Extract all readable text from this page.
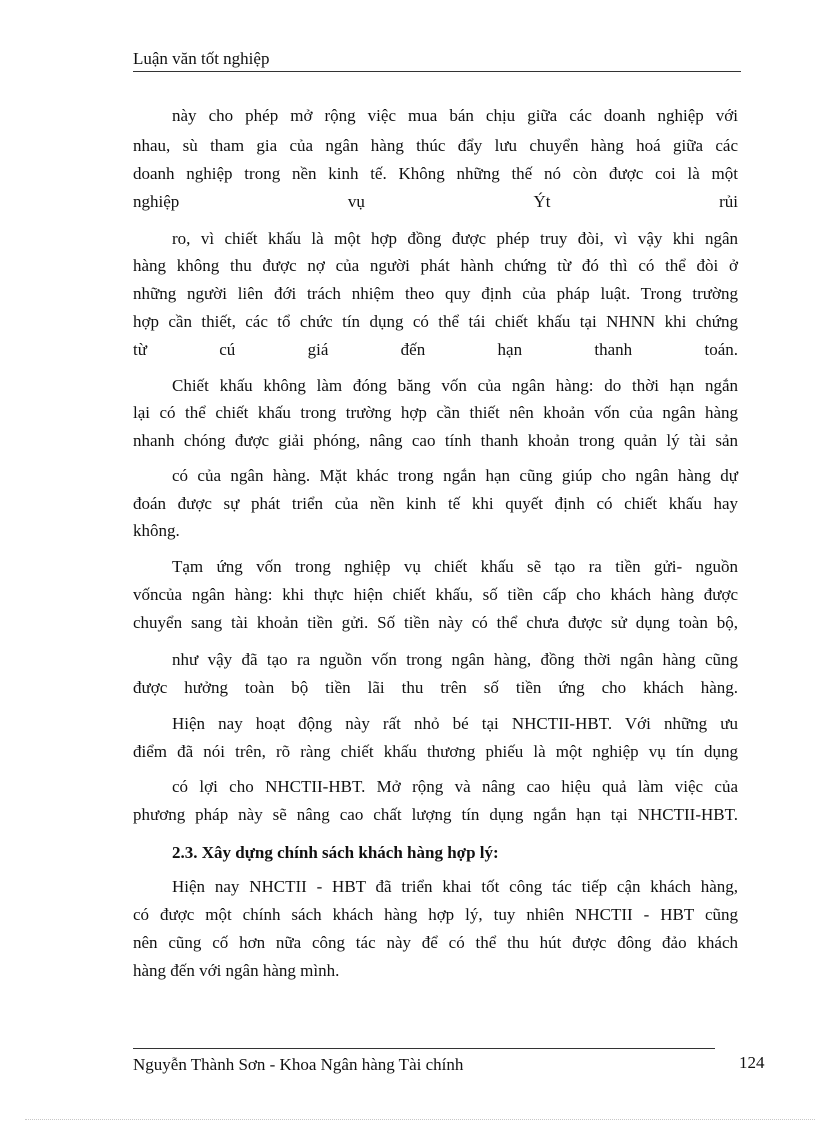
Luận văn tốt nghiệp
này cho phép mở rộng việc mua bán chịu giữa các doanh nghiệp với
nhau, sù tham gia của ngân hàng thúc đẩy lưu chuyển hàng hoá giữa các
doanh nghiệp trong nền kinh tế. Không những thế nó còn được coi là một
nghiệp vụ Ýt rủi
ro, vì chiết khấu là một hợp đồng được phép truy đòi, vì vậy khi ngân
hàng không thu được nợ của người phát hành chứng từ đó thì có thể đòi ở
những người liên đới trách nhiệm theo quy định của pháp luật. Trong trường
hợp cần thiết, các tổ chức tín dụng có thể tái chiết khấu tại NHNN khi chứng
từ cú giá đến hạn thanh toán.
Chiết khấu không làm đóng băng vốn của ngân hàng: do thời hạn ngắn
lại có thể chiết khấu trong trường hợp cần thiết nên khoản vốn của ngân hàng
nhanh chóng được giải phóng, nâng cao tính thanh khoản trong quản lý tài sản
có của ngân hàng. Mặt khác trong ngắn hạn cũng giúp cho ngân hàng dự
đoán được sự phát triển của nền kinh tế khi quyết định có chiết khấu hay
không.
Tạm ứng vốn trong nghiệp vụ chiết khấu sẽ tạo ra tiền gửi- nguồn
vốncủa ngân hàng: khi thực hiện chiết khấu, số tiền cấp cho khách hàng được
chuyển sang tài khoản tiền gửi. Số tiền này có thể chưa được sử dụng toàn bộ,
như vậy đã tạo ra nguồn vốn trong ngân hàng, đồng thời ngân hàng cũng
được hưởng toàn bộ tiền lãi thu trên số tiền ứng cho khách hàng.
Hiện nay hoạt động này rất nhỏ bé tại NHCTII-HBT. Với những ưu
điểm đã nói trên, rõ ràng chiết khấu thương phiếu là một nghiệp vụ tín dụng
có lợi cho NHCTII-HBT. Mở rộng và nâng cao hiệu quả làm việc của
phương pháp này sẽ nâng cao chất lượng tín dụng ngắn hạn tại NHCTII-HBT.
2.3. Xây dựng chính sách khách hàng hợp lý:
Hiện nay NHCTII - HBT đã triển khai tốt công tác tiếp cận khách hàng,
có được một chính sách khách hàng hợp lý, tuy nhiên NHCTII - HBT cũng
nên cũng cố hơn nữa công tác này để có thể thu hút được đông đảo khách
hàng đến với ngân hàng mình.
Nguyễn Thành Sơn - Khoa Ngân hàng Tài chính	124
